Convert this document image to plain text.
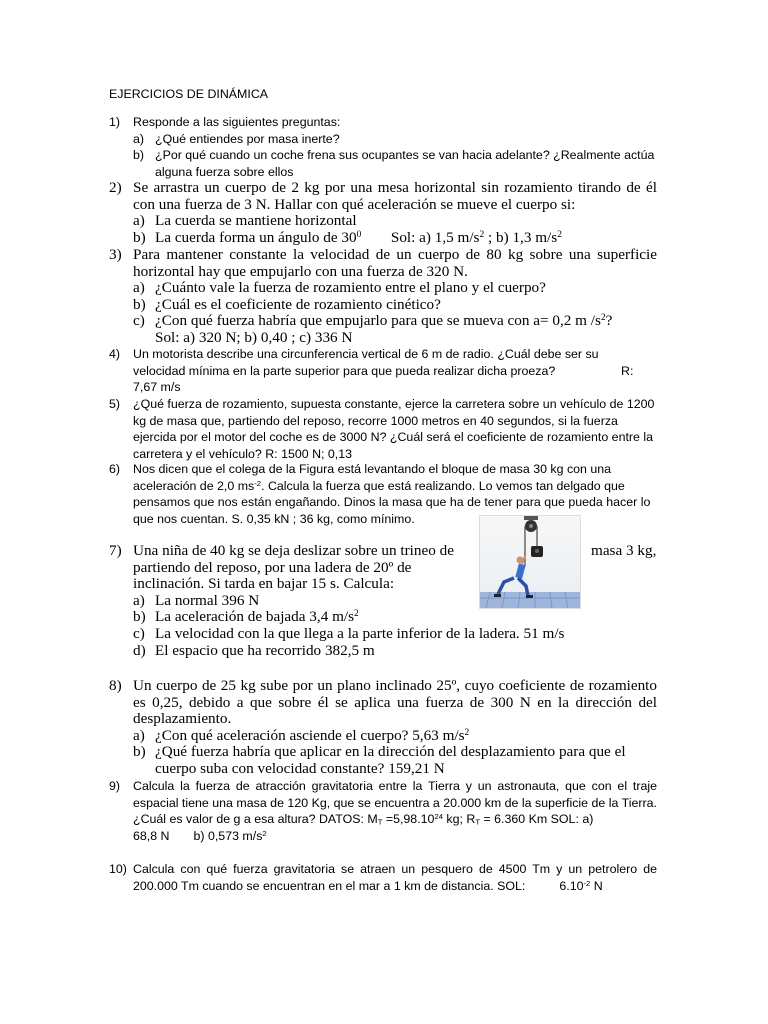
EJERCICIOS DE DINÁMICA
1) Responde a las siguientes preguntas:

a) ¿Qué entiendes por masa inerte?
b) ¿Por qué cuando un coche frena sus ocupantes se van hacia adelante? ¿Realmente actúa alguna fuerza sobre ellos
2) Se arrastra un cuerpo de 2 kg por una mesa horizontal sin rozamiento tirando de él con una fuerza de 3 N. Hallar con qué aceleración se mueve el cuerpo si:

a) La cuerda se mantiene horizontal
b) La cuerda forma un ángulo de $30^0$ Sol: a) 1,5 $m/s^2$ ; b) 1,3 $m/s^2$
3) Para mantener constante la velocidad de un cuerpo de 80 kg sobre una superficie horizontal hay que empujarlo con una fuerza de 320 N.

a) ¿Cuánto vale la fuerza de rozamiento entre el plano y el cuerpo?
b) ¿Cuál es el coeficiente de rozamiento cinético?
c) ¿Con qué fuerza habría que empujarlo para que se mueva con a= 0,2 m $/s^2$?
Sol: a) 320 N; b) 0,40 ; c) 336 N
4) Un motorista describe una circunferencia vertical de 6 m de radio. ¿Cuál debe ser su

velocidad mínima en la parte superior para que pueda realizar dicha proeza?	R:

7,67 m/s

5) ¿Qué fuerza de rozamiento, supuesta constante, ejerce la carretera sobre un vehículo de 1200 kg de masa que, partiendo del reposo, recorre 1000 metros en 40 segundos, si la fuerza ejercida por el motor del coche es de 3000 N? ¿Cuál será el coeficiente de rozamiento entre la carretera y el vehículo? R: 1500 N; 0,13

6) Nos dicen que el colega de la Figura está levantando el bloque de masa 30 kg con una aceleración de 2,0 $ms^{-2}$. Calcula la fuerza que está realizando. Lo vemos tan delgado que pensamos que nos están engañando. Dinos la masa que ha de tener para que pueda hacer lo que nos cuentan. S. 0,35 kN ; 36 kg, como mínimo.

7) Una niña de 40 kg se deja deslizar sobre un trineo de	masa 3 kg,

partiendo del reposo, por una ladera de 20º de

inclinación. Si tarda en bajar 15 s. Calcula:

a) La normal 396 N
b) La aceleración de bajada 3,4 $m/s^2$
c) La velocidad con la que llega a la parte inferior de la ladera. 51 m/s
d) El espacio que ha recorrido 382,5 m
8) Un cuerpo de 25 kg sube por un plano inclinado 25º, cuyo coeficiente de rozamiento es 0,25, debido a que sobre él se aplica una fuerza de 300 N en la dirección del desplazamiento.

a) ¿Con qué aceleración asciende el cuerpo? 5,63 $m/s^2$
b) ¿Qué fuerza habría que aplicar en la dirección del desplazamiento para que el cuerpo suba con velocidad constante? 159,21 N
9) Calcula la fuerza de atracción gravitatoria entre la Tierra y un astronauta, que con el traje espacial tiene una masa de 120 Kg, que se encuentra a 20.000 km de la superficie de la Tierra. ¿Cuál es valor de g a esa altura? DATOS: $M_T =5,98.10^{24}$ kg; $R_T = 6.360$ Km SOL: a)

68,8 N b) 0,573 $m/s^2$

10) Calcula con qué fuerza gravitatoria se atraen un pesquero de 4500 Tm y un petrolero de 200.000 Tm cuando se encuentran en el mar a 1 km de distancia. SOL:	$6.10^{-2}$ N
